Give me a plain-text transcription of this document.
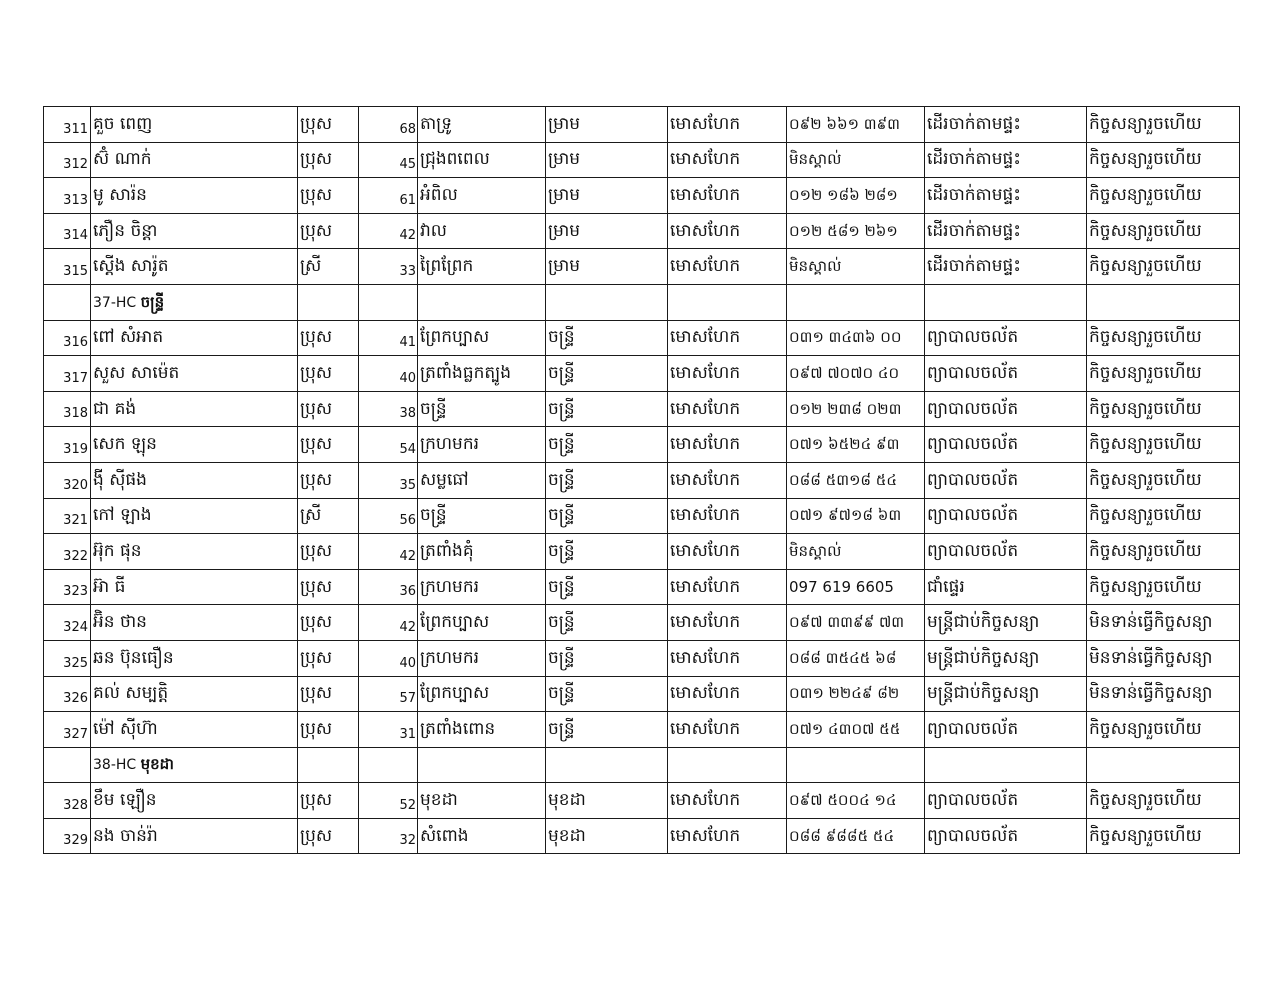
311	គួច ពេញ	ប្រុស	68	តាទ្រូ	ម្រាម	មោសហែក	០៩២ ៦៦១ ៣៩៣	ដើរចាក់តាមផ្ទះ	កិច្ចសន្យារួចហើយ
312	ស៊ំ ណាក់	ប្រុស	45	ជ្រុងពពេល	ម្រាម	មោសហែក	មិនស្គាល់	ដើរចាក់តាមផ្ទះ	កិច្ចសន្យារួចហើយ
313	មូ សារ៉ន	ប្រុស	61	អំពិល	ម្រាម	មោសហែក	០១២ ១៨៦ ២៨១	ដើរចាក់តាមផ្ទះ	កិច្ចសន្យារួចហើយ
314	ភឿន ចិន្តា	ប្រុស	42	វាល	ម្រាម	មោសហែក	០១២ ៥៨១ ២៦១	ដើរចាក់តាមផ្ទះ	កិច្ចសន្យារួចហើយ
315	ស្តើង សារ៉ូត	ស្រី	33	ព្រៃព្រែក	ម្រាម	មោសហែក	មិនស្គាល់	ដើរចាក់តាមផ្ទះ	កិច្ចសន្យារួចហើយ
	37-HC ចន្ទ្រី								
316	ពៅ សំអាត	ប្រុស	41	ព្រែកប្បាស	ចន្ទ្រី	មោសហែក	០៣១ ៣៤៣៦ ០០	ព្យាបាលចល័ត	កិច្ចសន្យារួចហើយ
317	សួស សាម៉េត	ប្រុស	40	ត្រពាំងធ្លកត្បូង	ចន្ទ្រី	មោសហែក	០៩៧ ៧០៧០ ៤០	ព្យាបាលចល័ត	កិច្ចសន្យារួចហើយ
318	ជា គង់	ប្រុស	38	ចន្ទ្រី	ចន្ទ្រី	មោសហែក	០១២ ២៣៨ ០២៣	ព្យាបាលចល័ត	កិច្ចសន្យារួចហើយ
319	សេក ឡុន	ប្រុស	54	ក្រហមករ	ចន្ទ្រី	មោសហែក	០៧១ ៦៥២៤ ៩៣	ព្យាបាលចល័ត	កិច្ចសន្យារួចហើយ
320	ង៉ី ស៊ីផង	ប្រុស	35	សម្លធៅ	ចន្ទ្រី	មោសហែក	០៨៨ ៥៣១៨ ៥៤	ព្យាបាលចល័ត	កិច្ចសន្យារួចហើយ
321	កៅ ឡាង	ស្រី	56	ចន្ទ្រី	ចន្ទ្រី	មោសហែក	០៧១ ៩៧១៨ ៦៣	ព្យាបាលចល័ត	កិច្ចសន្យារួចហើយ
322	អ៊ុក ផុន	ប្រុស	42	ត្រពាំងគុំ	ចន្ទ្រី	មោសហែក	មិនស្គាល់	ព្យាបាលចល័ត	កិច្ចសន្យារួចហើយ
323	អ៊ា ធី	ប្រុស	36	ក្រហមករ	ចន្ទ្រី	មោសហែក	097 619 6605	ជាំផ្ទេរ	កិច្ចសន្យារួចហើយ
324	អ៊ិន ថាន	ប្រុស	42	ព្រែកប្បាស	ចន្ទ្រី	មោសហែក	០៩៧ ៣៣៩៩ ៧៣	មន្ត្រីជាប់កិច្ចសន្យា	មិនទាន់ធ្វើកិច្ចសន្យា
325	ឆន ប៊ុនធឿន	ប្រុស	40	ក្រហមករ	ចន្ទ្រី	មោសហែក	០៨៨ ៣៥៤៥ ៦៨	មន្ត្រីជាប់កិច្ចសន្យា	មិនទាន់ធ្វើកិច្ចសន្យា
326	គល់ សម្បត្តិ	ប្រុស	57	ព្រែកប្បាស	ចន្ទ្រី	មោសហែក	០៣១ ២២៤៩ ៨២	មន្ត្រីជាប់កិច្ចសន្យា	មិនទាន់ធ្វើកិច្ចសន្យា
327	ម៉ៅ ស៊ីហ៊ា	ប្រុស	31	ត្រពាំងពោន	ចន្ទ្រី	មោសហែក	០៧១ ៤៣០៧ ៥៥	ព្យាបាលចល័ត	កិច្ចសន្យារួចហើយ
	38-HC មុខដា								
328	ខឹម ឡឿន	ប្រុស	52	មុខដា	មុខដា	មោសហែក	០៩៧ ៥០០៤ ១៤	ព្យាបាលចល័ត	កិច្ចសន្យារួចហើយ
329	នង ចាន់រ៉ា	ប្រុស	32	សំពោង	មុខដា	មោសហែក	០៨៨ ៩៨៨៥ ៥៤	ព្យាបាលចល័ត	កិច្ចសន្យារួចហើយ
